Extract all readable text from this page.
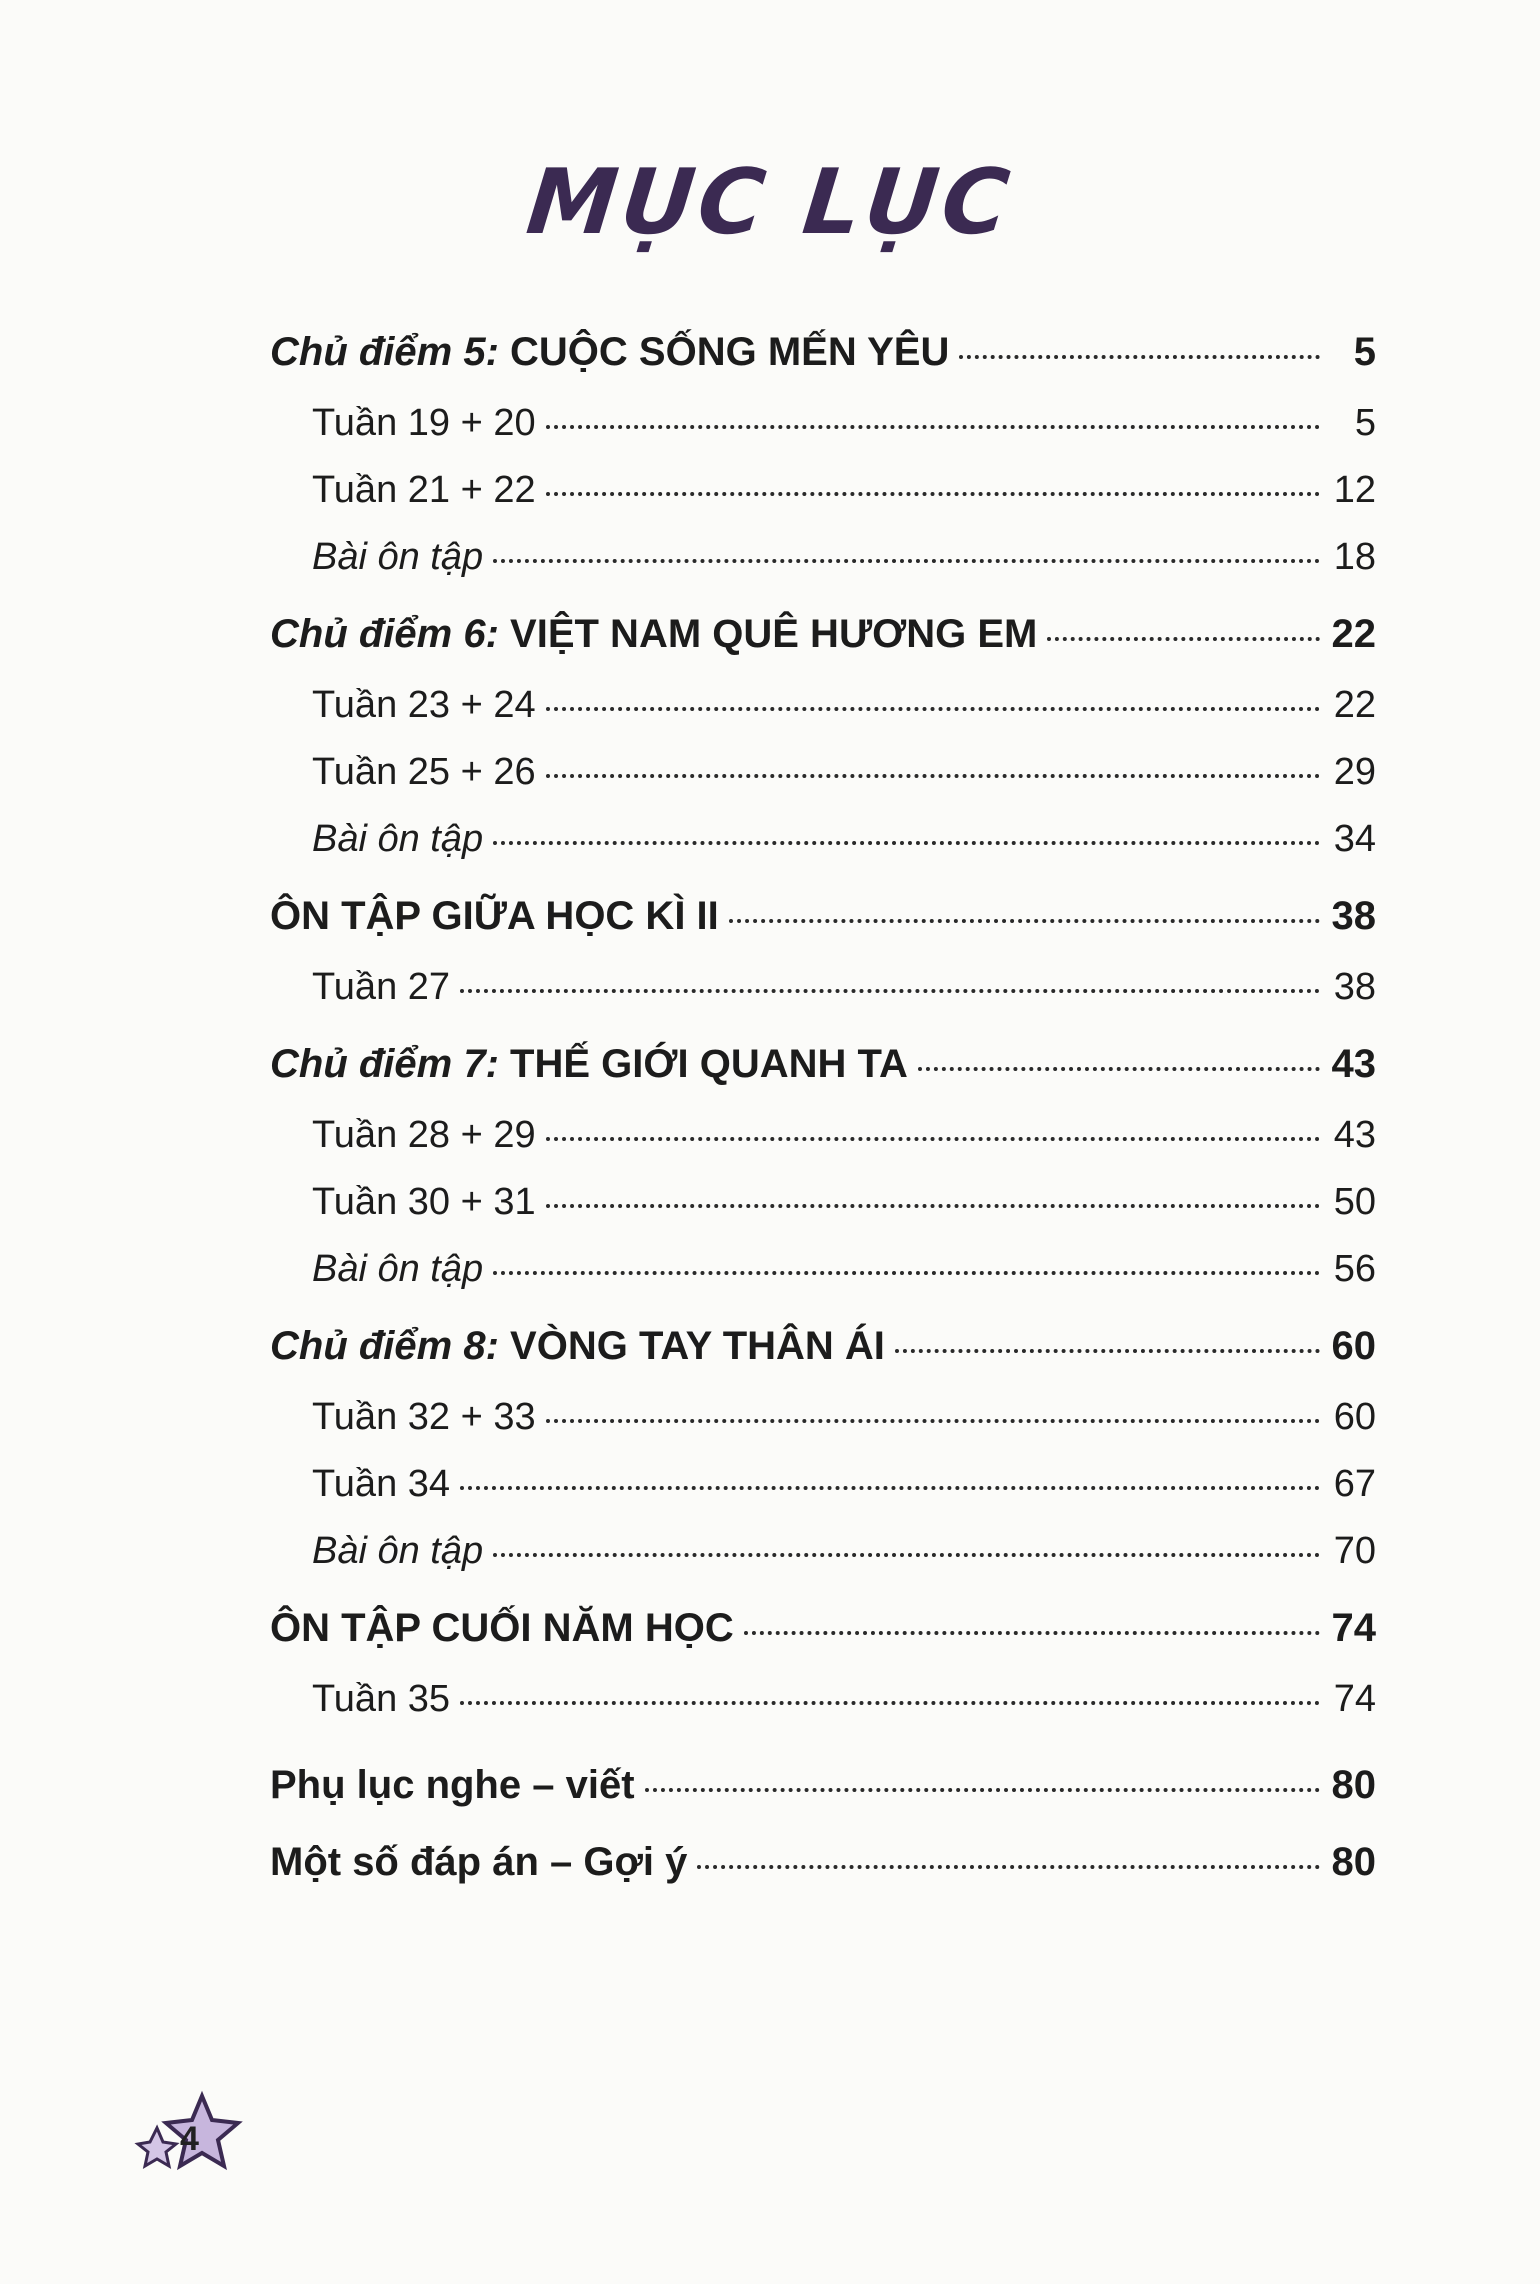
MỤC LỤC
Chủ điểm 5: CUỘC SỐNG MẾN YÊU	5
Tuần 19 + 20	5
Tuần 21 + 22	12
Bài ôn tập	18
Chủ điểm 6: VIỆT NAM QUÊ HƯƠNG EM	22
Tuần 23 + 24	22
Tuần 25 + 26	29
Bài ôn tập	34
ÔN TẬP GIỮA HỌC KÌ II	38
Tuần 27	38
Chủ điểm 7: THẾ GIỚI QUANH TA	43
Tuần 28 + 29	43
Tuần 30 + 31	50
Bài ôn tập	56
Chủ điểm 8: VÒNG TAY THÂN ÁI	60
Tuần 32 + 33	60
Tuần 34	67
Bài ôn tập	70
ÔN TẬP CUỐI NĂM HỌC	74
Tuần 35	74
Phụ lục nghe – viết	80
Một số đáp án – Gợi ý	80
4
